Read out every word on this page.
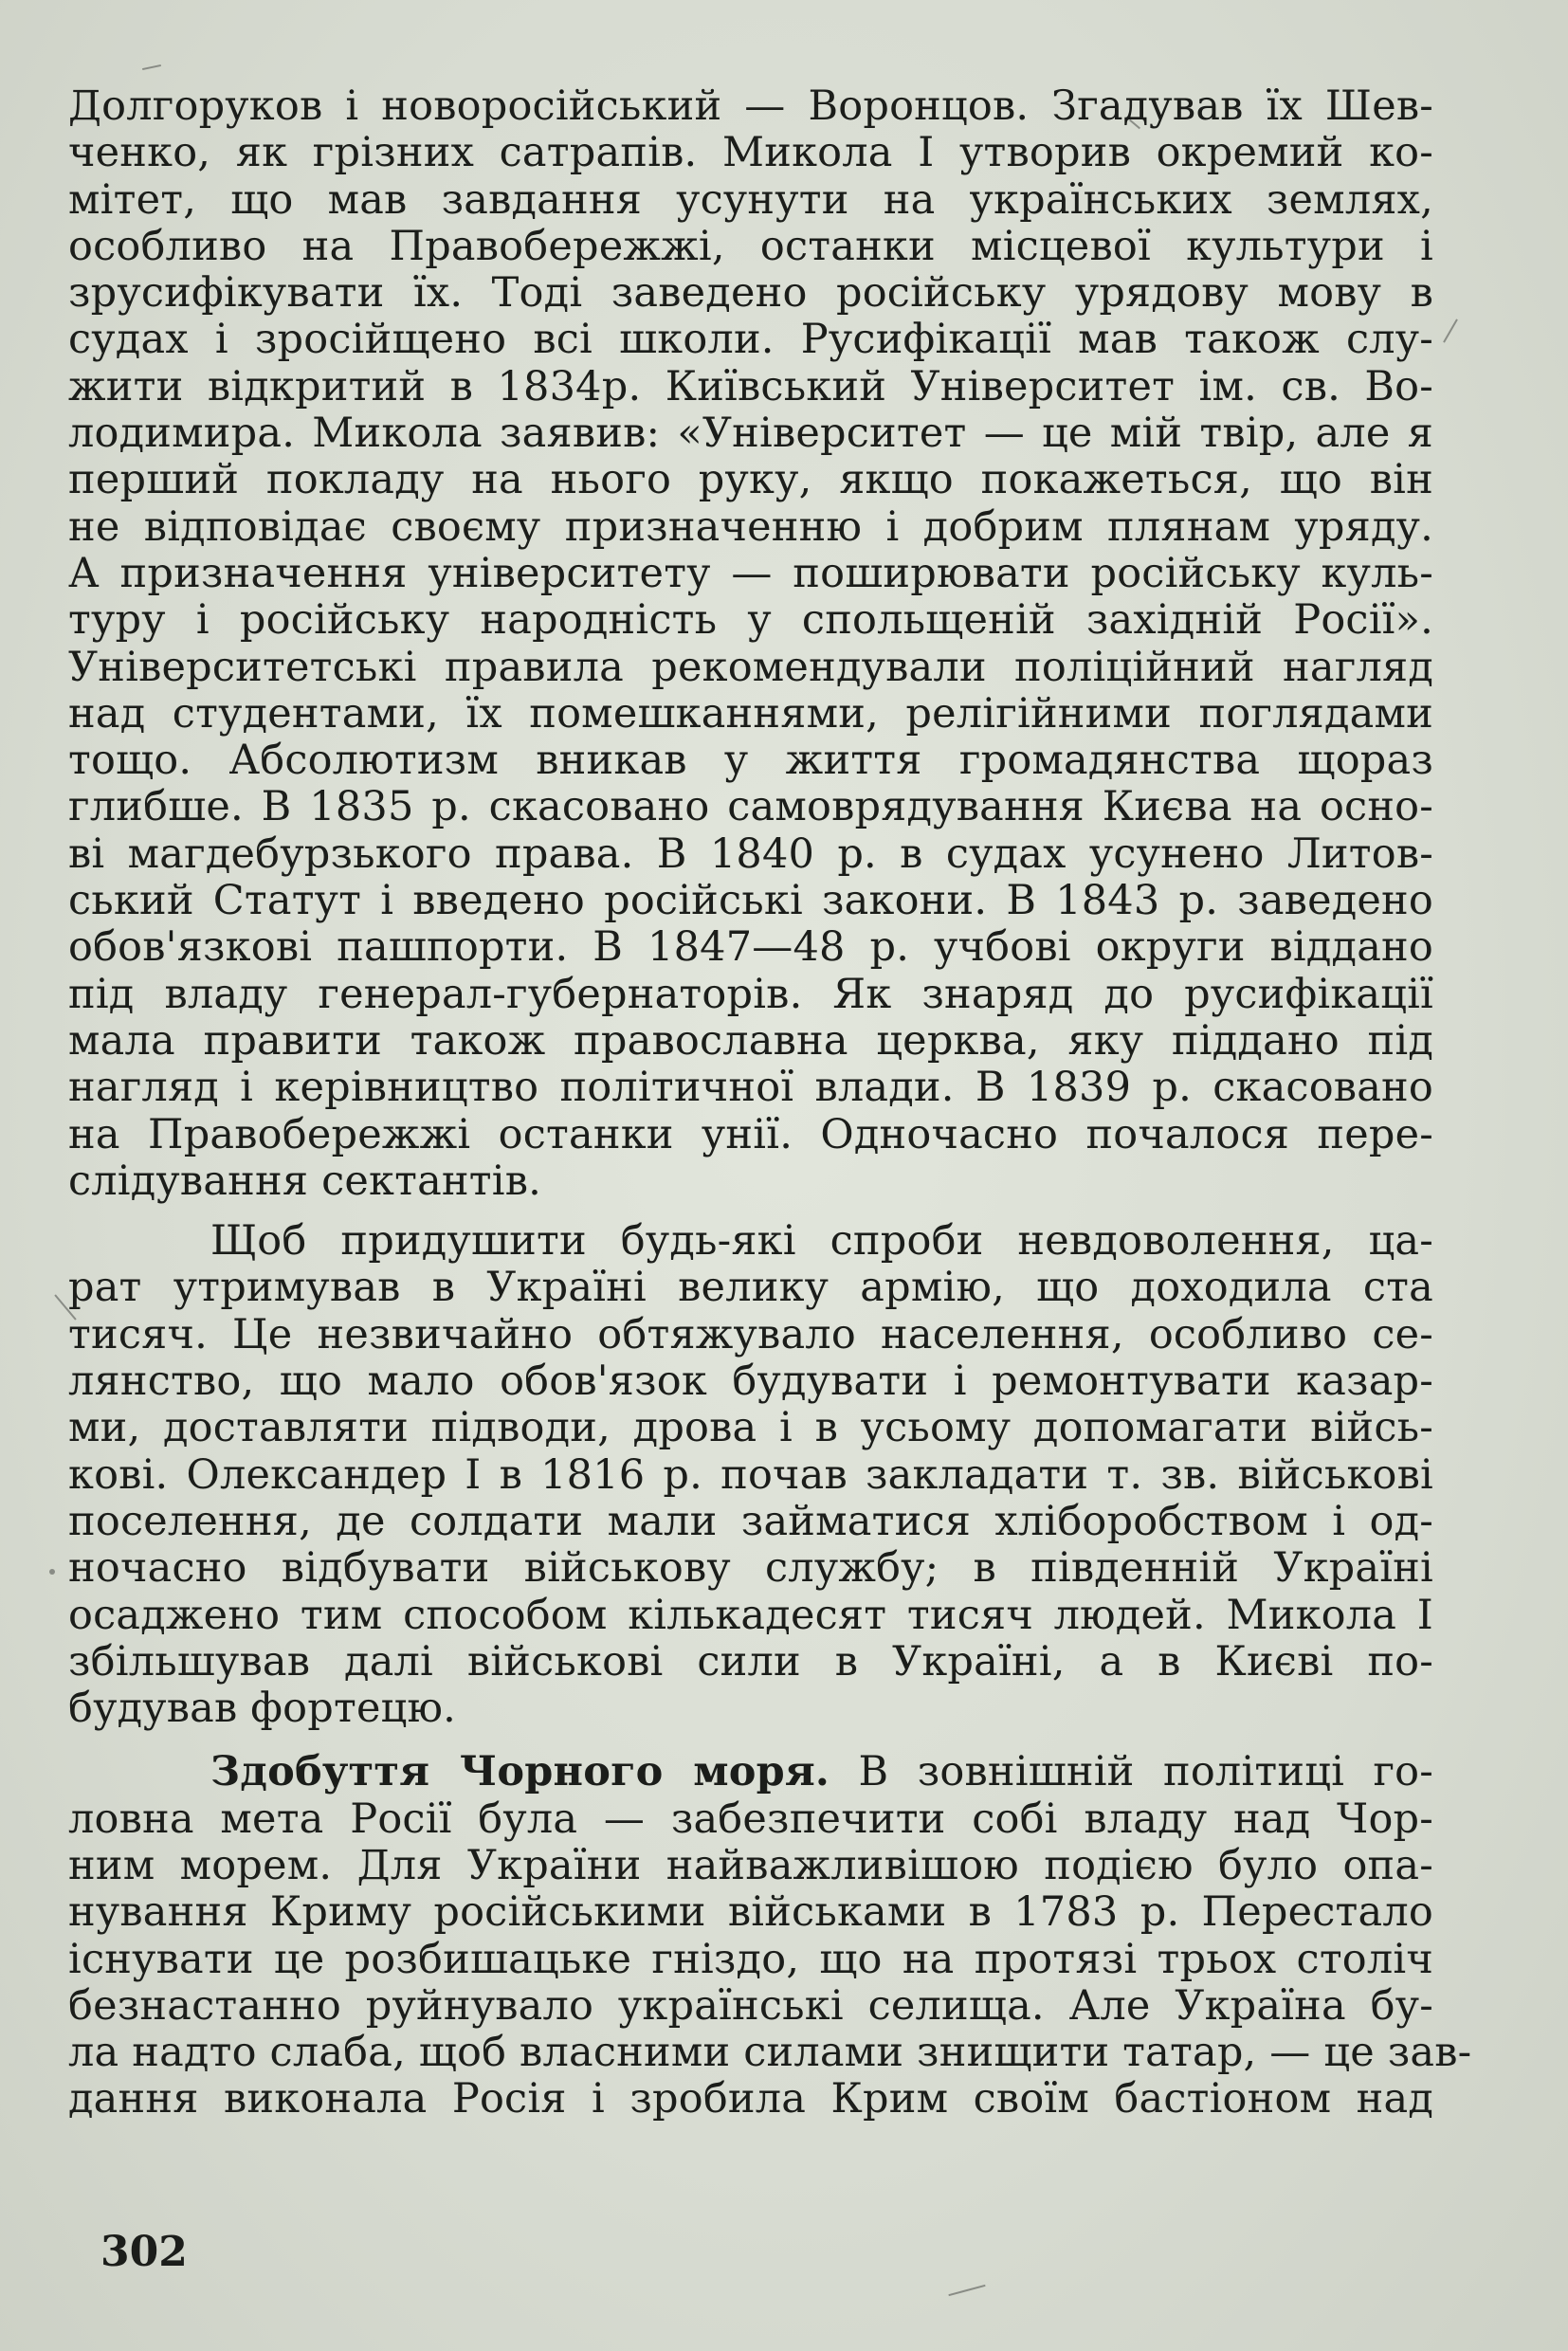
Долгоруков і новоросійський — Воронцов. Згадував їх Шев-
ченко, як грізних сатрапів. Микола І утворив окремий ко-
мітет, що мав завдання усунути на українських землях,
особливо на Правобережжі, останки місцевої культури і
зрусифікувати їх. Тоді заведено російську урядову мову в
судах і зросійщено всі школи. Русифікації мав також слу-
жити відкритий в 1834р. Київський Університет ім. св. Во-
лодимира. Микола заявив: «Університет — це мій твір, але я
перший покладу на нього руку, якщо покажеться, що він
не відповідає своєму призначенню і добрим плянам уряду.
А призначення університету — поширювати російську куль-
туру і російську народність у спольщеній західній Росії».
Університетські правила рекомендували поліційний нагляд
над студентами, їх помешканнями, релігійними поглядами
тощо. Абсолютизм вникав у життя громадянства щораз
глибше. В 1835 р. скасовано самоврядування Києва на осно-
ві магдебурзького права. В 1840 р. в судах усунено Литов-
ський Статут і введено російські закони. В 1843 р. заведено
обов'язкові пашпорти. В 1847—48 р. учбові округи віддано
під владу генерал-губернаторів. Як знаряд до русифікації
мала правити також православна церква, яку піддано під
нагляд і керівництво політичної влади. В 1839 р. скасовано
на Правобережжі останки унії. Одночасно почалося пере-
слідування сектантів.
Щоб придушити будь-які спроби невдоволення, ца-
рат утримував в Україні велику армію, що доходила ста
тисяч. Це незвичайно обтяжувало населення, особливо се-
лянство, що мало обов'язок будувати і ремонтувати казар-
ми, доставляти підводи, дрова і в усьому допомагати війсь-
кові. Олександер І в 1816 р. почав закладати т. зв. військові
поселення, де солдати мали займатися хліборобством і од-
ночасно відбувати військову службу; в південній Україні
осаджено тим способом кількадесят тисяч людей. Микола І
збільшував далі військові сили в Україні, а в Києві по-
будував фортецю.
Здобуття Чорного моря. В зовнішній політиці го-
ловна мета Росії була — забезпечити собі владу над Чор-
ним морем. Для України найважливішою подією було опа-
нування Криму російськими військами в 1783 р. Перестало
існувати це розбишацьке гніздо, що на протязі трьох століч
безнастанно руйнувало українські селища. Але Україна бу-
ла надто слаба, щоб власними силами знищити татар, — це зав-
дання виконала Росія і зробила Крим своїм бастіоном над
302
